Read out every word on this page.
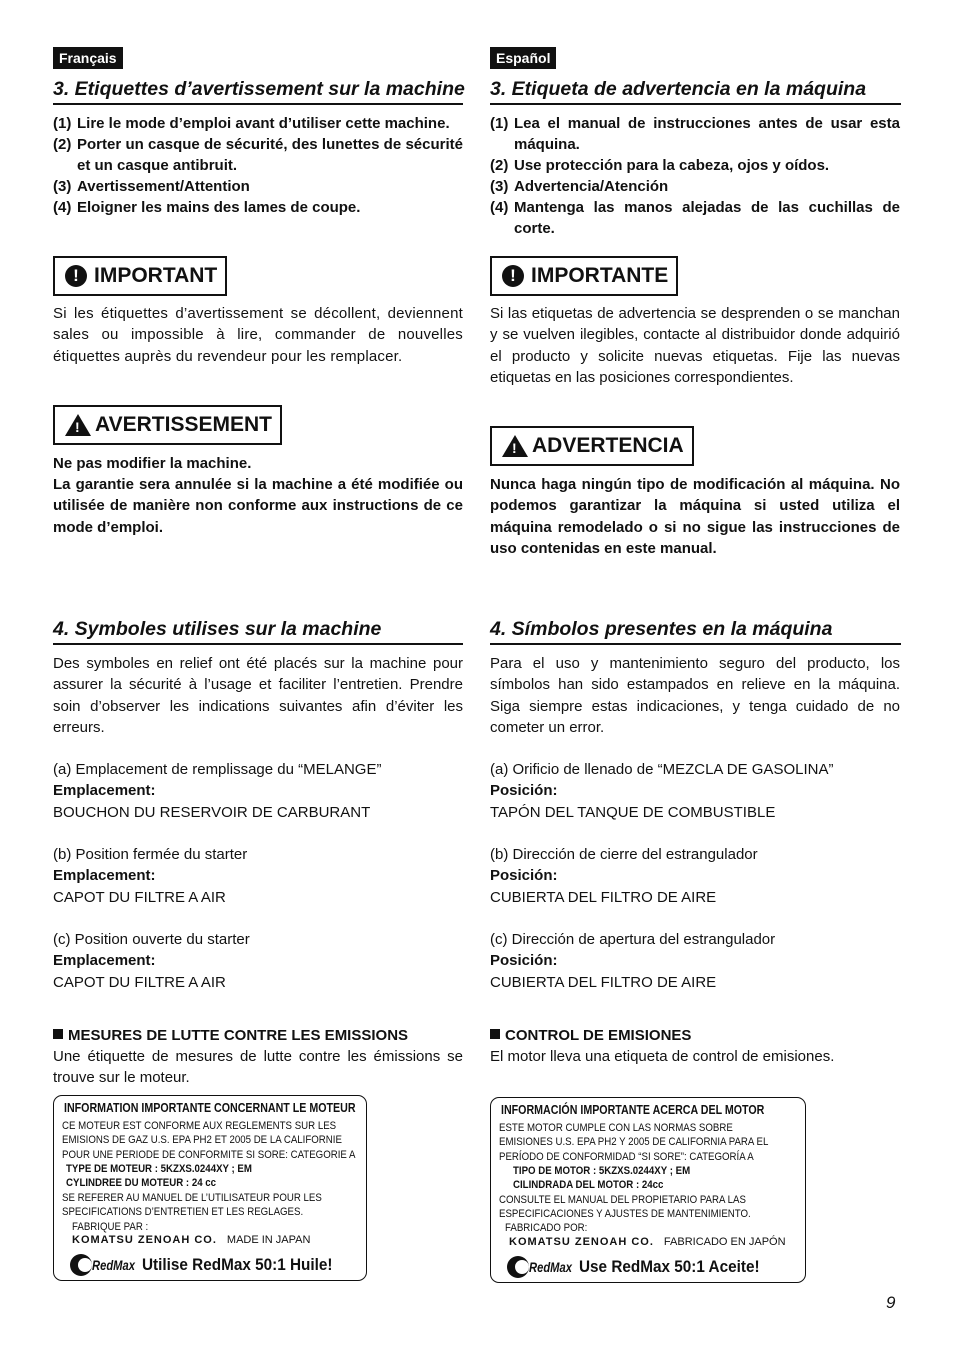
Français
3. Etiquettes d’avertissement sur la machine
(1) Lire le mode d’emploi avant d’utiliser cette machine.
(2) Porter un casque de sécurité, des lunettes de sécurité et un casque antibruit.
(3) Avertissement/Attention
(4) Eloigner les mains des lames de coupe.
! IMPORTANT

Si les étiquettes d’avertissement se décollent, deviennent sales ou impossible à lire, commander de nouvelles étiquettes auprès du revendeur pour les remplacer.

! AVERTISSEMENT

Ne pas modifier la machine.

La garantie sera annulée si la machine a été modifiée ou utilisée de manière non conforme aux instructions de ce mode d’emploi.

4. Symboles utilises sur la machine

Des symboles en relief ont été placés sur la machine pour assurer la sécurité à l’usage et faciliter l’entretien. Prendre soin d’observer les indications suivantes afin d’éviter les erreurs.

(a) Emplacement de remplissage du “MELANGE”
Emplacement:
BOUCHON DU RESERVOIR DE CARBURANT
(b) Position fermée du starter
Emplacement:
CAPOT DU FILTRE A AIR
(c) Position ouverte du starter
Emplacement:
CAPOT DU FILTRE A AIR
MESURES DE LUTTE CONTRE LES EMISSIONS

Une étiquette de mesures de lutte contre les émissions se trouve sur le moteur.

INFORMATION IMPORTANTE CONCERNANT LE MOTEUR
CE MOTEUR EST CONFORME AUX REGLEMENTS SUR LES
EMISIONS DE GAZ U.S. EPA PH2 ET 2005 DE LA CALIFORNIE
POUR UNE PERIODE DE CONFORMITE SI SORE: CATEGORIE A
TYPE DE MOTEUR : 5KZXS.0244XY ; EM
CYLINDREE DU MOTEUR : 24 cc
SE REFERER AU MANUEL DE L’UTILISATEUR POUR LES
SPECIFICATIONS D’ENTRETIEN ET LES REGLAGES.
FABRIQUE PAR :
KOMATSU ZENOAH CO. MADE IN JAPAN
RedMax Utilise RedMax 50:1 Huile!
Español
3. Etiqueta de advertencia en la máquina
(1) Lea el manual de instrucciones antes de usar esta máquina.
(2) Use protección para la cabeza, ojos y oídos.
(3) Advertencia/Atención
(4) Mantenga las manos alejadas de las cuchillas de corte.
! IMPORTANTE

Si las etiquetas de advertencia se desprenden o se manchan y se vuelven ilegibles, contacte al distribuidor donde adquirió el producto y solicite nuevas etiquetas. Fije las nuevas etiquetas en las posiciones correspondientes.

! ADVERTENCIA

Nunca haga ningún tipo de modificación al máquina. No podemos garantizar la máquina si usted utiliza el máquina remodelado o si no sigue las instrucciones de uso contenidas en este manual.

4. Símbolos presentes en la máquina

Para el uso y mantenimiento seguro del producto, los símbolos han sido estampados en relieve en la máquina. Siga siempre estas indicaciones, y tenga cuidado de no cometer un error.

(a) Orificio de llenado de “MEZCLA DE GASOLINA”
Posición:
TAPÓN DEL TANQUE DE COMBUSTIBLE
(b) Dirección de cierre del estrangulador
Posición:
CUBIERTA DEL FILTRO DE AIRE
(c) Dirección de apertura del estrangulador
Posición:
CUBIERTA DEL FILTRO DE AIRE
CONTROL DE EMISIONES

El motor lleva una etiqueta de control de emisiones.

INFORMACIÓN IMPORTANTE ACERCA DEL MOTOR
ESTE MOTOR CUMPLE CON LAS NORMAS SOBRE
EMISIONES U.S. EPA PH2 Y 2005 DE CALIFORNIA PARA EL
PERÍODO DE CONFORMIDAD “SI SORE”: CATEGORÍA A
TIPO DE MOTOR : 5KZXS.0244XY ; EM
CILINDRADA DEL MOTOR : 24cc
CONSULTE EL MANUAL DEL PROPIETARIO PARA LAS
ESPECIFICACIONES Y AJUSTES DE MANTENIMIENTO.
FABRICADO POR:
KOMATSU ZENOAH CO. FABRICADO EN JAPÓN
RedMax Use RedMax 50:1 Aceite!
9
